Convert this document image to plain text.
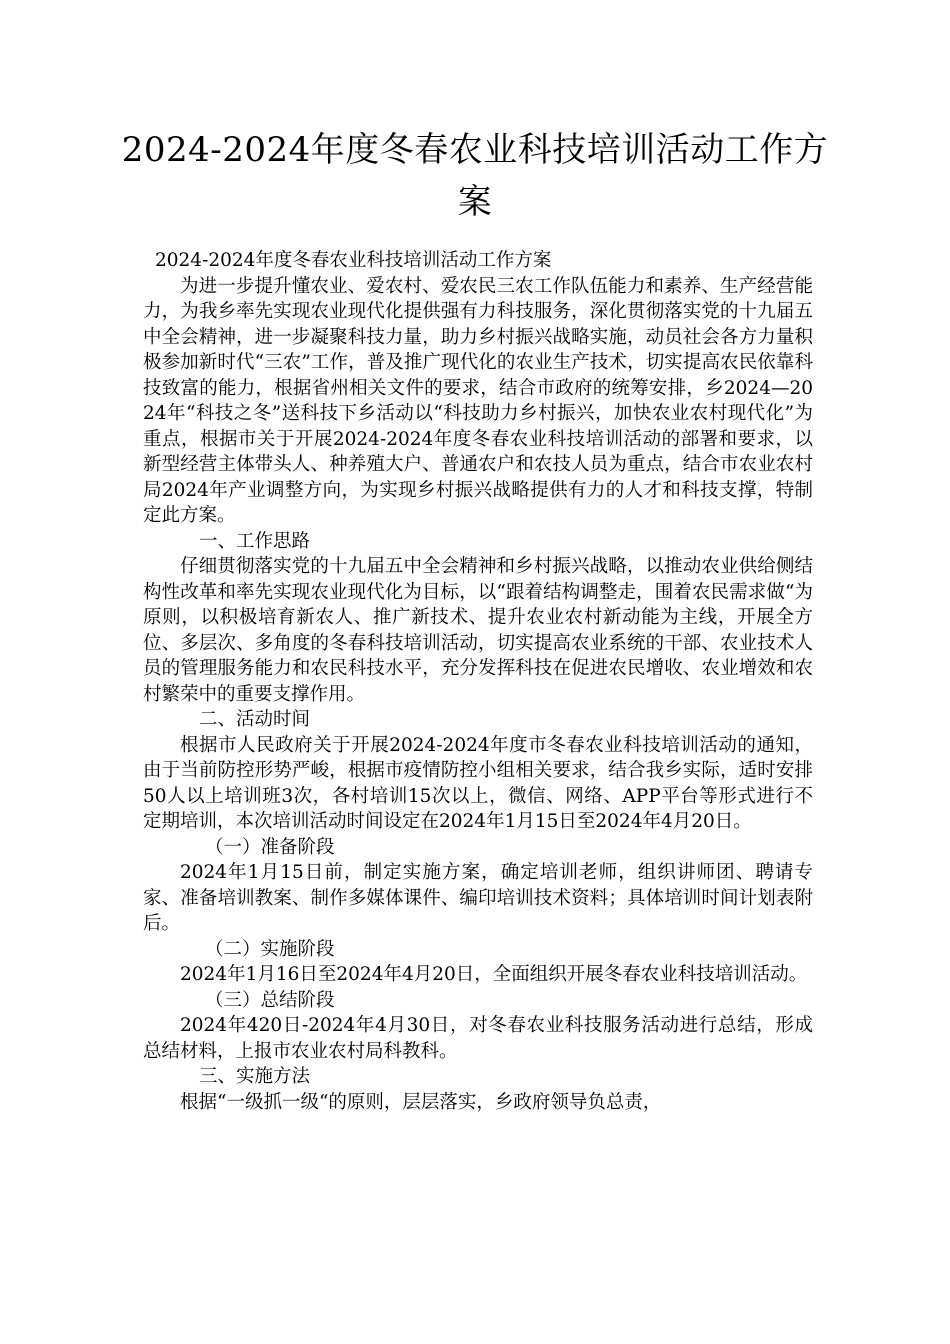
2024-2024年度冬春农业科技培训活动工作方案

2024-2024年度冬春农业科技培训活动工作方案

为进一步提升懂农业、爱农村、爱农民三农工作队伍能力和素养、生产经营能力，为我乡率先实现农业现代化提供强有力科技服务，深化贯彻落实党的十九届五中全会精神，进一步凝聚科技力量，助力乡村振兴战略实施，动员社会各方力量积极参加新时代“三农”工作，普及推广现代化的农业生产技术，切实提高农民依靠科技致富的能力，根据省州相关文件的要求，结合市政府的统筹安排，乡2024—2024年“科技之冬”送科技下乡活动以“科技助力乡村振兴，加快农业农村现代化”为重点，根据市关于开展2024-2024年度冬春农业科技培训活动的部署和要求，以新型经营主体带头人、种养殖大户、普通农户和农技人员为重点，结合市农业农村局2024年产业调整方向，为实现乡村振兴战略提供有力的人才和科技支撑，特制定此方案。

一、工作思路

仔细贯彻落实党的十九届五中全会精神和乡村振兴战略，以推动农业供给侧结构性改革和率先实现农业现代化为目标，以“跟着结构调整走，围着农民需求做“为原则，以积极培育新农人、推广新技术、提升农业农村新动能为主线，开展全方位、多层次、多角度的冬春科技培训活动，切实提高农业系统的干部、农业技术人员的管理服务能力和农民科技水平，充分发挥科技在促进农民增收、农业增效和农村繁荣中的重要支撑作用。

二、活动时间

根据市人民政府关于开展2024-2024年度市冬春农业科技培训活动的通知，由于当前防控形势严峻，根据市疫情防控小组相关要求，结合我乡实际，适时安排50人以上培训班3次，各村培训15次以上，微信、网络、APP平台等形式进行不定期培训，本次培训活动时间设定在2024年1月15日至2024年4月20日。

（一）准备阶段

2024年1月15日前，制定实施方案，确定培训老师，组织讲师团、聘请专家、准备培训教案、制作多媒体课件、编印培训技术资料；具体培训时间计划表附后。

（二）实施阶段

2024年1月16日至2024年4月20日，全面组织开展冬春农业科技培训活动。

（三）总结阶段

2024年420日-2024年4月30日，对冬春农业科技服务活动进行总结，形成总结材料，上报市农业农村局科教科。

三、实施方法

根据“一级抓一级“的原则，层层落实，乡政府领导负总责，
